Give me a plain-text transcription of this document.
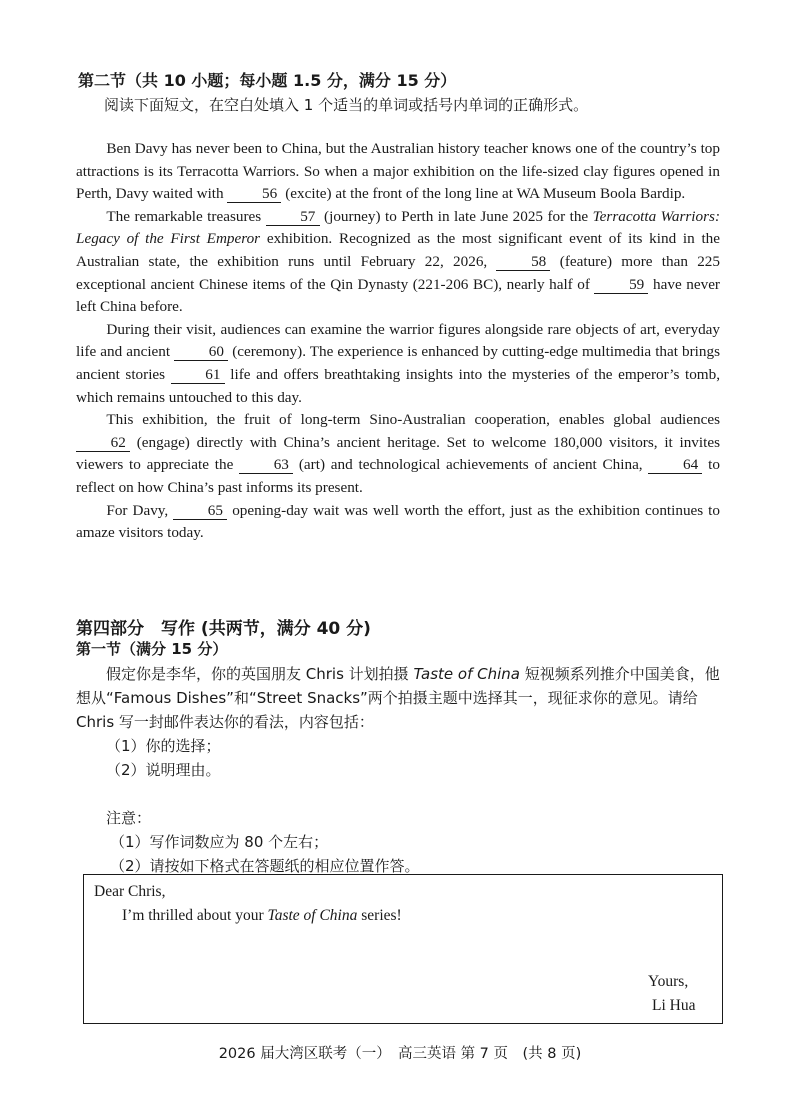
第二节（共 10 小题；每小题 1.5 分，满分 15 分）
阅读下面短文，在空白处填入 1 个适当的单词或括号内单词的正确形式。

Ben Davy has never been to China, but the Australian history teacher knows one of the country’s top attractions is its Terracotta Warriors. So when a major exhibition on the life-sized clay figures opened in Perth, Davy waited with 56 (excite) at the front of the long line at WA Museum Boola Bardip.

The remarkable treasures 57 (journey) to Perth in late June 2025 for the Terracotta Warriors: Legacy of the First Emperor exhibition. Recognized as the most significant event of its kind in the Australian state, the exhibition runs until February 22, 2026, 58 (feature) more than 225 exceptional ancient Chinese items of the Qin Dynasty (221-206 BC), nearly half of 59 have never left China before.

During their visit, audiences can examine the warrior figures alongside rare objects of art, everyday life and ancient 60 (ceremony). The experience is enhanced by cutting-edge multimedia that brings ancient stories 61 life and offers breathtaking insights into the mysteries of the emperor’s tomb, which remains untouched to this day.

This exhibition, the fruit of long-term Sino-Australian cooperation, enables global audiences 62 (engage) directly with China’s ancient heritage. Set to welcome 180,000 visitors, it invites viewers to appreciate the 63 (art) and technological achievements of ancient China, 64 to reflect on how China’s past informs its present.

For Davy, 65 opening-day wait was well worth the effort, just as the exhibition continues to amaze visitors today.

第四部分　写作 (共两节，满分 40 分)
第一节（满分 15 分）

假定你是李华，你的英国朋友 Chris 计划拍摄 Taste of China 短视频系列推介中国美食，他想从“Famous Dishes”和“Street Snacks”两个拍摄主题中选择其一，现征求你的意见。请给 Chris 写一封邮件表达你的看法，内容包括：

（1）你的选择；

（2）说明理由。

注意：
（1）写作词数应为 80 个左右；
（2）请按如下格式在答题纸的相应位置作答。
Dear Chris,
I’m thrilled about your Taste of China series!
Yours,
Li Hua
2026 届大湾区联考（一）　高三英语 第 7 页　(共 8 页)
